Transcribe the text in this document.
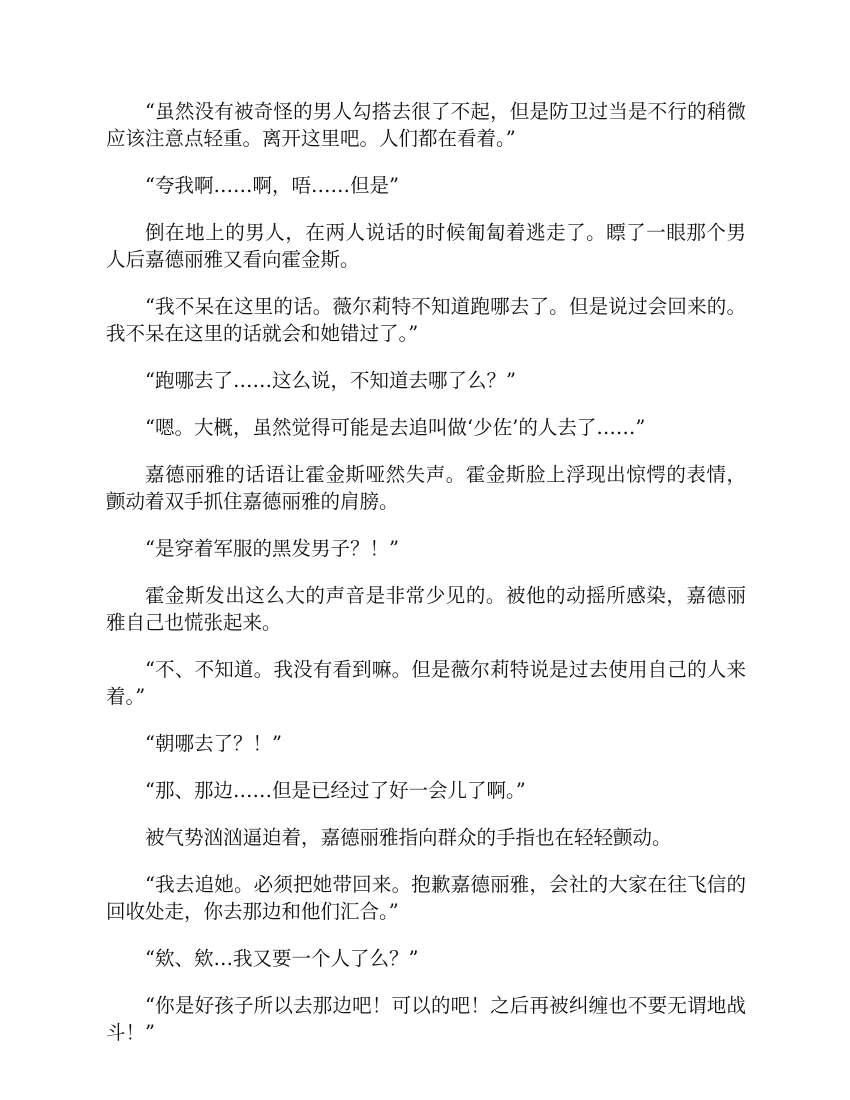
“虽然没有被奇怪的男人勾搭去很了不起，但是防卫过当是不行的稍微应该注意点轻重。离开这里吧。人们都在看着。”

“夸我啊……啊，唔……但是”

倒在地上的男人，在两人说话的时候匍匐着逃走了。瞟了一眼那个男人后嘉德丽雅又看向霍金斯。

“我不呆在这里的话。薇尔莉特不知道跑哪去了。但是说过会回来的。我不呆在这里的话就会和她错过了。”

“跑哪去了……这么说，不知道去哪了么？”

“嗯。大概，虽然觉得可能是去追叫做‘少佐’的人去了……”

嘉德丽雅的话语让霍金斯哑然失声。霍金斯脸上浮现出惊愕的表情，颤动着双手抓住嘉德丽雅的肩膀。

“是穿着军服的黑发男子？！”

霍金斯发出这么大的声音是非常少见的。被他的动摇所感染，嘉德丽雅自己也慌张起来。

“不、不知道。我没有看到嘛。但是薇尔莉特说是过去使用自己的人来着。”

“朝哪去了？！”

“那、那边……但是已经过了好一会儿了啊。”

被气势汹汹逼迫着，嘉德丽雅指向群众的手指也在轻轻颤动。

“我去追她。必须把她带回来。抱歉嘉德丽雅，会社的大家在往飞信的回收处走，你去那边和他们汇合。”

“欸、欸…我又要一个人了么？”

“你是好孩子所以去那边吧！可以的吧！之后再被纠缠也不要无谓地战斗！”
